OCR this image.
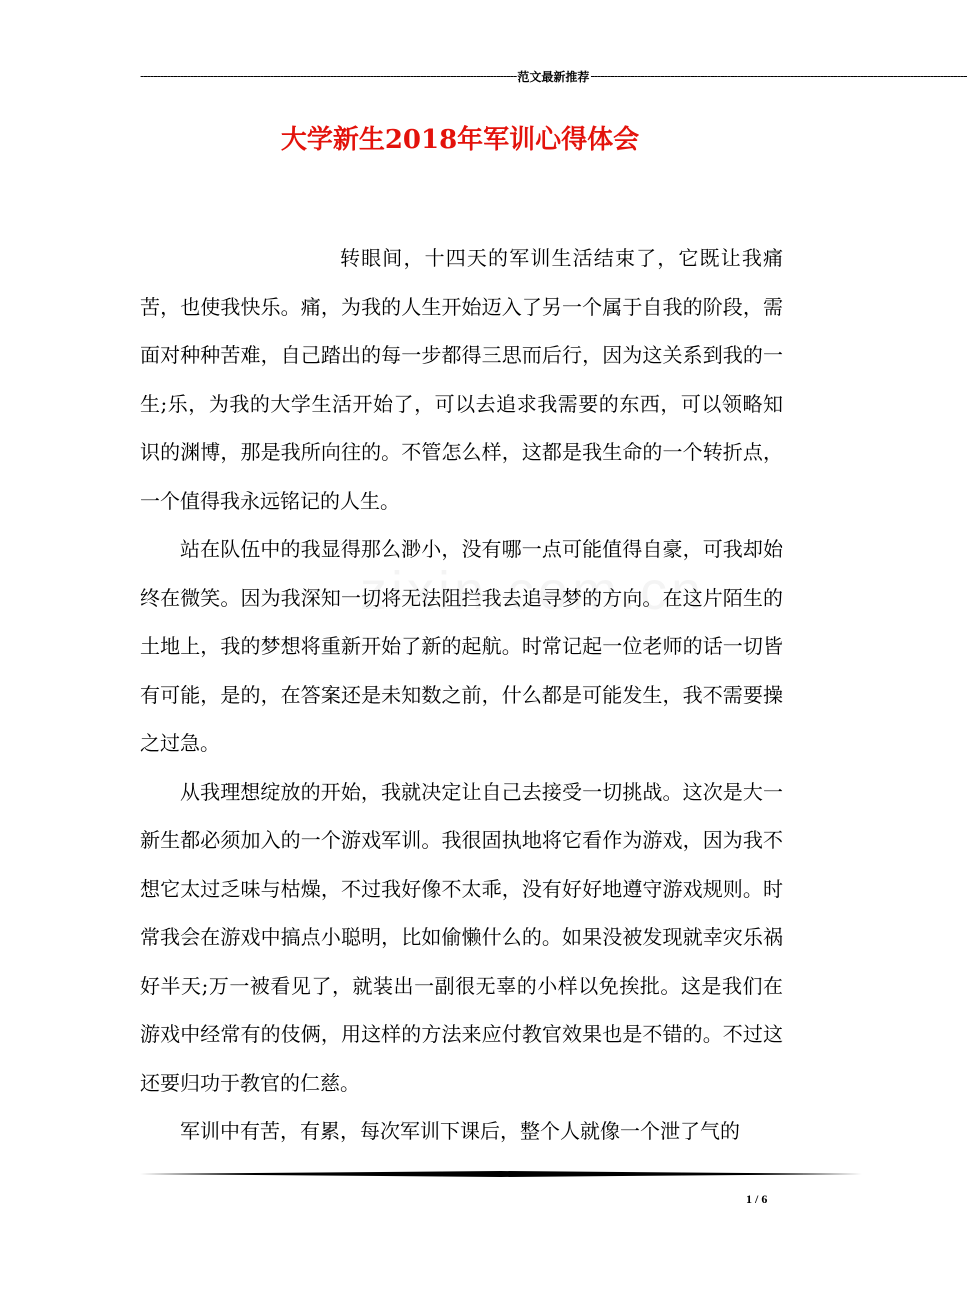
----------------------------------------------------------------------------------------------------------------- 范文最新推荐 -----------------------------------------------------------------------------------------------------------------
大学新生2018年军训心得体会

转眼间，十四天的军训生活结束了，它既让我痛苦，也使我快乐。痛，为我的人生开始迈入了另一个属于自我的阶段，需面对种种苦难，自己踏出的每一步都得三思而后行，因为这关系到我的一生;乐，为我的大学生活开始了，可以去追求我需要的东西，可以领略知识的渊博，那是我所向往的。不管怎么样，这都是我生命的一个转折点，一个值得我永远铭记的人生。

站在队伍中的我显得那么渺小，没有哪一点可能值得自豪，可我却始终在微笑。因为我深知一切将无法阻拦我去追寻梦的方向。在这片陌生的土地上，我的梦想将重新开始了新的起航。时常记起一位老师的话一切皆有可能，是的，在答案还是未知数之前，什么都是可能发生，我不需要操之过急。

从我理想绽放的开始，我就决定让自己去接受一切挑战。这次是大一新生都必须加入的一个游戏军训。我很固执地将它看作为游戏，因为我不想它太过乏味与枯燥，不过我好像不太乖，没有好好地遵守游戏规则。时常我会在游戏中搞点小聪明，比如偷懒什么的。如果没被发现就幸灾乐祸好半天;万一被看见了，就装出一副很无辜的小样以免挨批。这是我们在游戏中经常有的伎俩，用这样的方法来应付教官效果也是不错的。不过这还要归功于教官的仁慈。

军训中有苦，有累，每次军训下课后，整个人就像一个泄了气的

1 / 6
